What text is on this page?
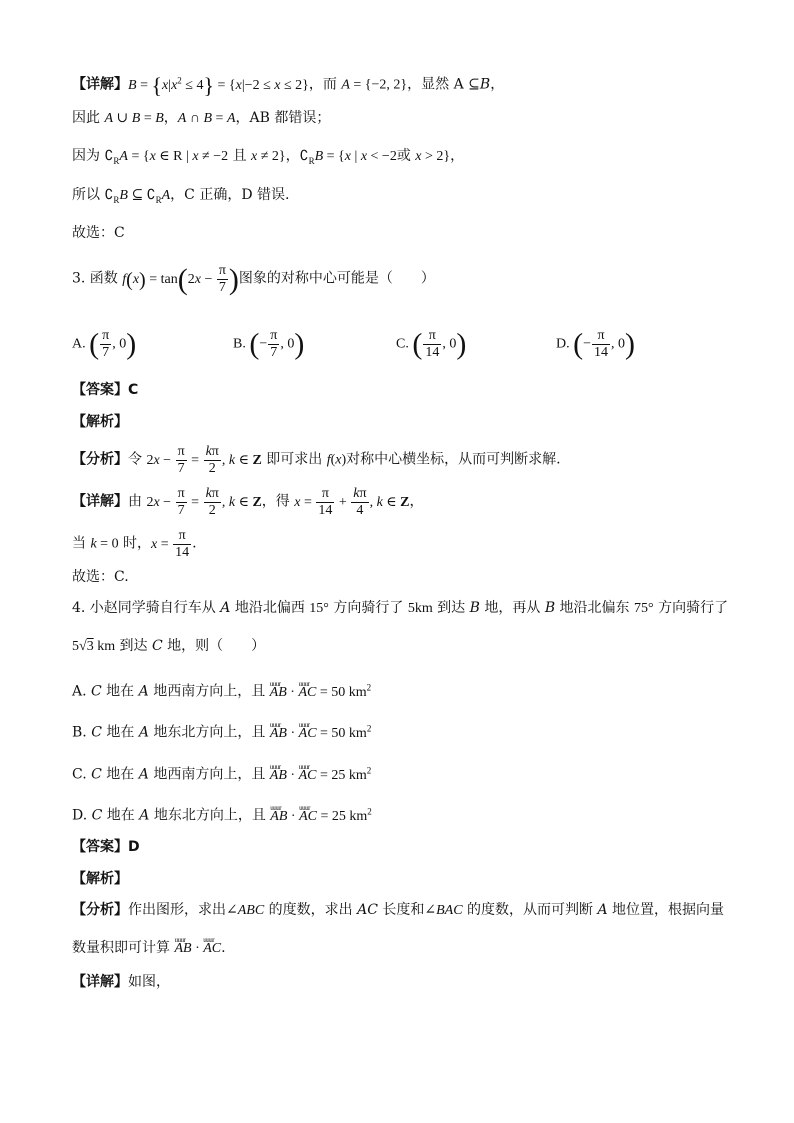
【详解】$B = \{x|x^2 \le 4\} = \{x|-2 \le x \le 2\}$，而 A = {−2, 2}，显然 A ⊆B，
因此 A ∪ B = B，A ∩ B = A，AB 都错误；
因为 $∁_RA = \{x$ ∈ R | x ≠ −2 且 x ≠ 2}，$∁_RB = \{x$ | x < −2或 x > 2}，
所以 $∁_RB$ ⊆ $∁_RA$，C 正确，D 错误.
故选：C
3. 函数 $f(x) = \tan(2x - \frac{\pi}{7}$ )图象的对称中心可能是（　　）
A. ( $\frac{\pi}{7}$ , 0)	B. (− $\frac{\pi}{7}$ , 0)	C. ( $\frac{\pi}{14}$ , 0)	D. (− $\frac{\pi}{14}$ , 0)
【答案】C
【解析】
【分析】令 $2x - \frac{\pi}{7} = \frac{k\pi}{2}$ , k ∈ Z 即可求出 f(x)对称中心横坐标，从而可判断求解.
【详解】由 $2x - \frac{\pi}{7} = \frac{k\pi}{2}$ , k ∈ Z，得 $x = \frac{\pi}{14} + \frac{k\pi}{4}$ , k ∈ Z，
当 k = 0 时，$x = \frac{\pi}{14}$ .
故选：C.
4. 小赵同学骑自行车从 A 地沿北偏西 15° 方向骑行了 5km 到达 B 地，再从 B 地沿北偏东 75° 方向骑行了
5√3 km 到达 C 地，则（　　）
A. C 地在 A 地西南方向上，且 uuur AB · uuur AC = 50 $km^2$
B. C 地在 A 地东北方向上，且 uuur AB · uuur AC = 50 $km^2$
C. C 地在 A 地西南方向上，且 uuur AB · uuur AC = 25 $km^2$
D. C 地在 A 地东北方向上，且 uuur AB · uuur AC = 25 $km^2$
【答案】D
【解析】
【分析】作出图形，求出∠ABC 的度数，求出 AC 长度和∠BAC 的度数，从而可判断 A 地位置，根据向量
数量积即可计算 uuur AB · uuur AC.
【详解】如图，
